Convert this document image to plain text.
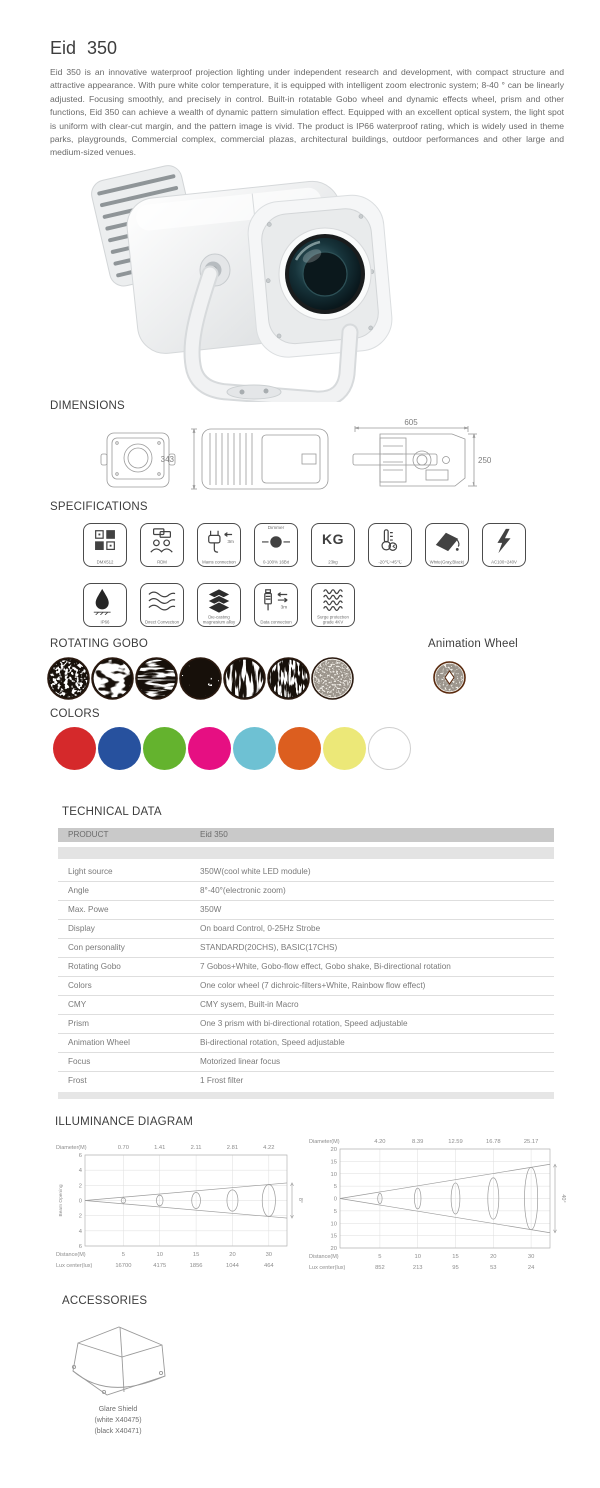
Eid 350

Eid 350 is an innovative waterproof projection lighting under independent research and development, with compact structure and attractive appearance. With pure white color temperature, it is equipped with intelligent zoom electronic system; 8-40 ° can be linearly adjusted. Focusing smoothly, and precisely in control. Built-in rotatable Gobo wheel and dynamic effects wheel, prism and other functions, Eid 350 can achieve a wealth of dynamic pattern simulation effect. Equipped with an excellent optical system, the light spot is uniform with clear-cut margin, and the pattern image is vivid. The product is IP66 waterproof rating, which is widely used in theme parks, playgrounds, Commercial complex, commercial plazas, architectural buildings, outdoor performances and other large and medium-sized venues.

DIMENSIONS
343
605
250
SPECIFICATIONS
DMX512	RDM
3m
Mains connection
Dimmer
0-100% 16Bit
KG
23kg	-20℃~45℃	White(Gray,Black)	AC100~240V
IP66	Direct Convection
Die-casting
magnesium alloy
3m
Data connection
Surge protection
grade 4KV
ROTATING GOBO	Animation Wheel
COLORS
TECHNICAL DATA
PRODUCT	Eid 350
Light source	350W(cool white LED module)
Angle	8°-40°(electronic zoom)
Max. Powe	350W
Display	On board Control, 0-25Hz Strobe
Con personality	STANDARD(20CHS), BASIC(17CHS)
Rotating Gobo	7 Gobos+White, Gobo-flow effect, Gobo shake, Bi-directional rotation
Colors	One color wheel (7 dichroic-filters+White, Rainbow flow effect)
CMY	CMY sysem, Built-in Macro
Prism	One 3 prism with bi-directional rotation, Speed adjustable
Animation Wheel	Bi-directional rotation, Speed adjustable
Focus	Motorized linear focus
Frost	1 Frost filter
ILLUMINANCE DIAGRAM
6
4
2
0
2
4
6
Diameter(M)	0.70	1.41	2.11	2.81	4.22
8°
Beam Opening
Distance(M)	5	10	15	20	30
Lux center(lux)	16700	4175	1856	1044	464
20
15
10
5
0
5
10
15
20
Diameter(M)	4.20	8.39	12.59	16.78	25.17
40°
Distance(M)	5	10	15	20	30
Lux center(lux)	852	213	95	53	24
ACCESSORIES
Glare Shield
(white X40475)
(black X40471)
